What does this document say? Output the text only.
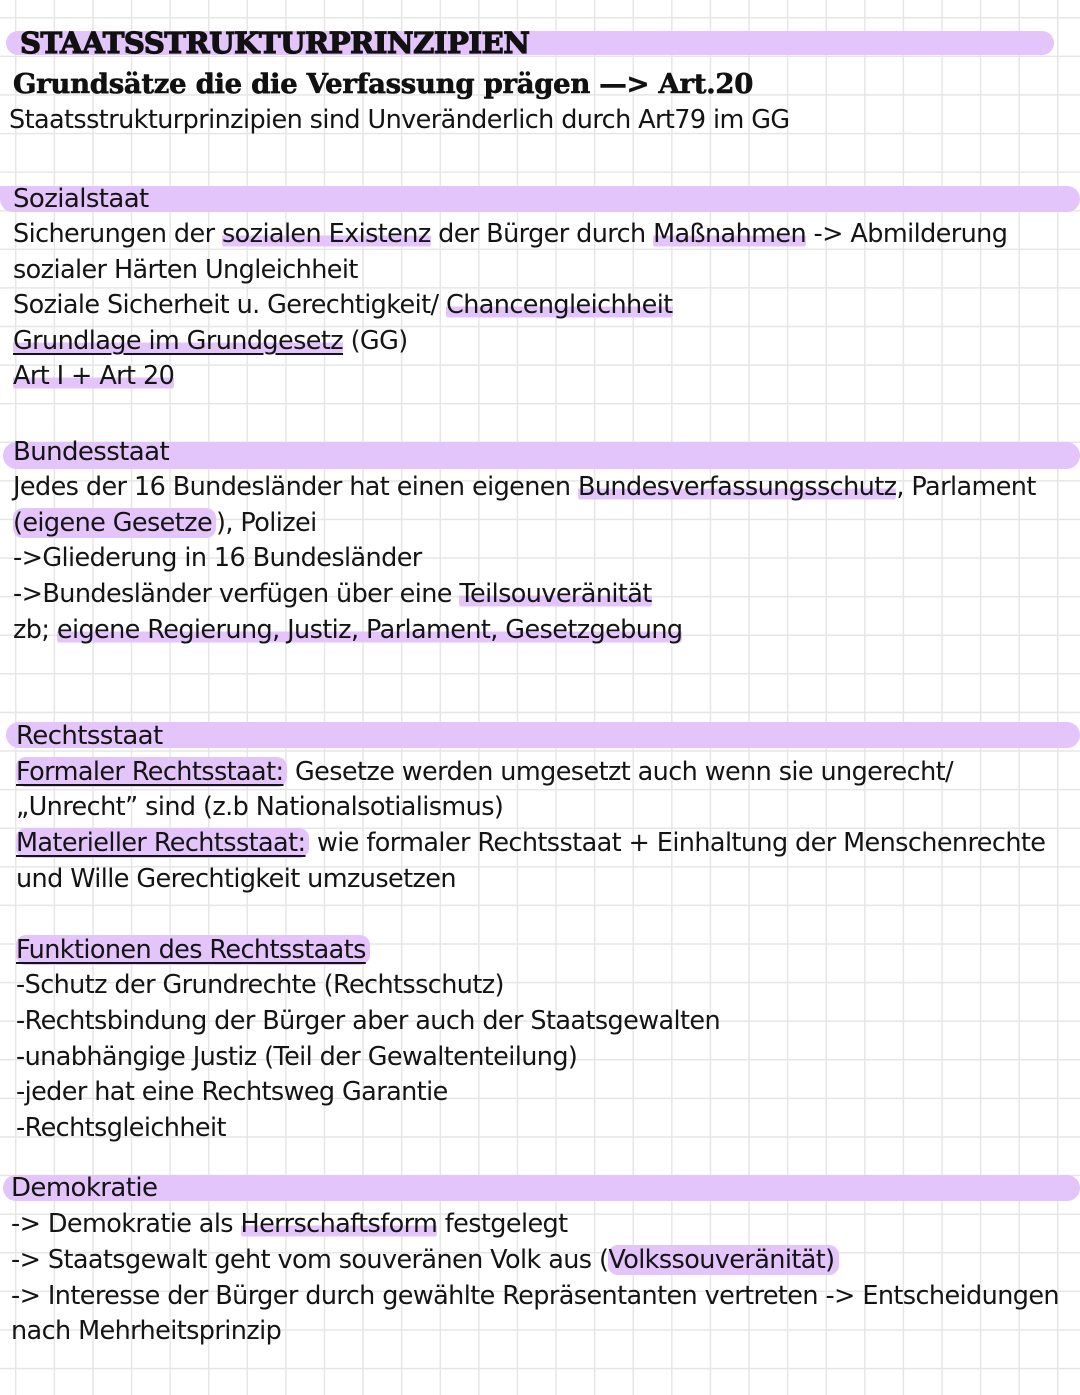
STAATSSTRUKTURPRINZIPIEN
Grundsätze die die Verfassung prägen —> Art.20
Staatsstrukturprinzipien sind Unveränderlich durch Art79 im GG
Sozialstaat
Sicherungen der sozialen Existenz der Bürger durch Maßnahmen -> Abmilderung
sozialer Härten Ungleichheit
Soziale Sicherheit u. Gerechtigkeit/ Chancengleichheit
Grundlage im Grundgesetz (GG)
Art I + Art 20
Bundesstaat
Jedes der 16 Bundesländer hat einen eigenen Bundesverfassungsschutz, Parlament
(eigene Gesetze ), Polizei
->Gliederung in 16 Bundesländer
->Bundesländer verfügen über eine Teilsouveränität
zb; eigene Regierung, Justiz, Parlament, Gesetzgebung
Rechtsstaat
Formaler Rechtsstaat: Gesetze werden umgesetzt auch wenn sie ungerecht/
„Unrecht” sind (z.b Nationalsotialismus)
Materieller Rechtsstaat: wie formaler Rechtsstaat + Einhaltung der Menschenrechte
und Wille Gerechtigkeit umzusetzen
Funktionen des Rechtsstaats
-Schutz der Grundrechte (Rechtsschutz)
-Rechtsbindung der Bürger aber auch der Staatsgewalten
-unabhängige Justiz (Teil der Gewaltenteilung)
-jeder hat eine Rechtsweg Garantie
-Rechtsgleichheit
Demokratie
-> Demokratie als Herrschaftsform festgelegt
-> Staatsgewalt geht vom souveränen Volk aus (Volkssouveränität)
-> Interesse der Bürger durch gewählte Repräsentanten vertreten -> Entscheidungen
nach Mehrheitsprinzip
